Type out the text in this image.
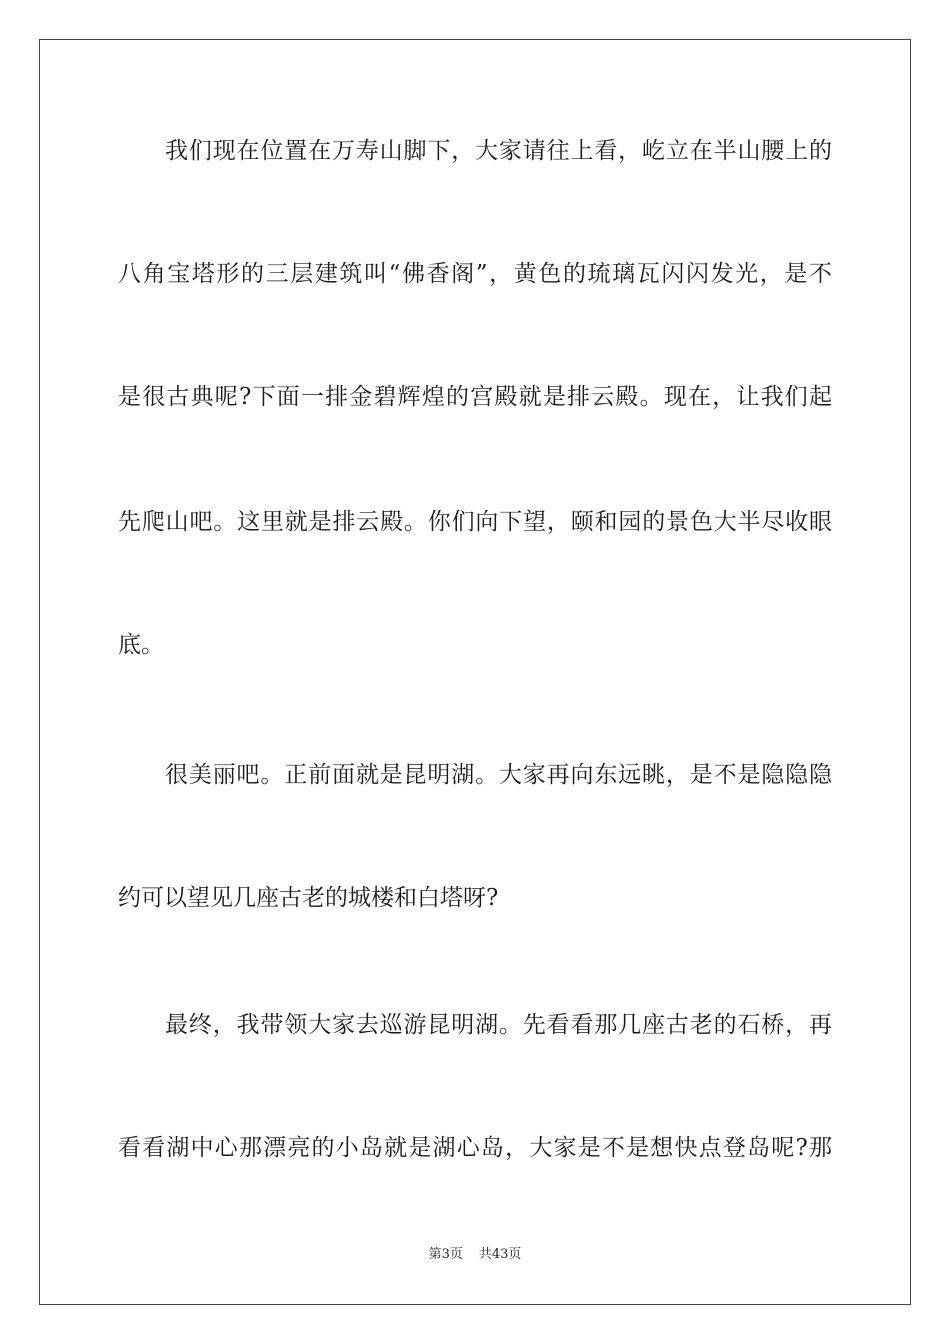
我们现在位置在万寿山脚下，大家请往上看，屹立在半山腰上的
八角宝塔形的三层建筑叫“佛香阁”，黄色的琉璃瓦闪闪发光，是不
是很古典呢?下面一排金碧辉煌的宫殿就是排云殿。现在，让我们起
先爬山吧。这里就是排云殿。你们向下望，颐和园的景色大半尽收眼
底。
很美丽吧。正前面就是昆明湖。大家再向东远眺，是不是隐隐隐
约可以望见几座古老的城楼和白塔呀?
最终，我带领大家去巡游昆明湖。先看看那几座古老的石桥，再
看看湖中心那漂亮的小岛就是湖心岛，大家是不是想快点登岛呢?那
第3页 共43页
